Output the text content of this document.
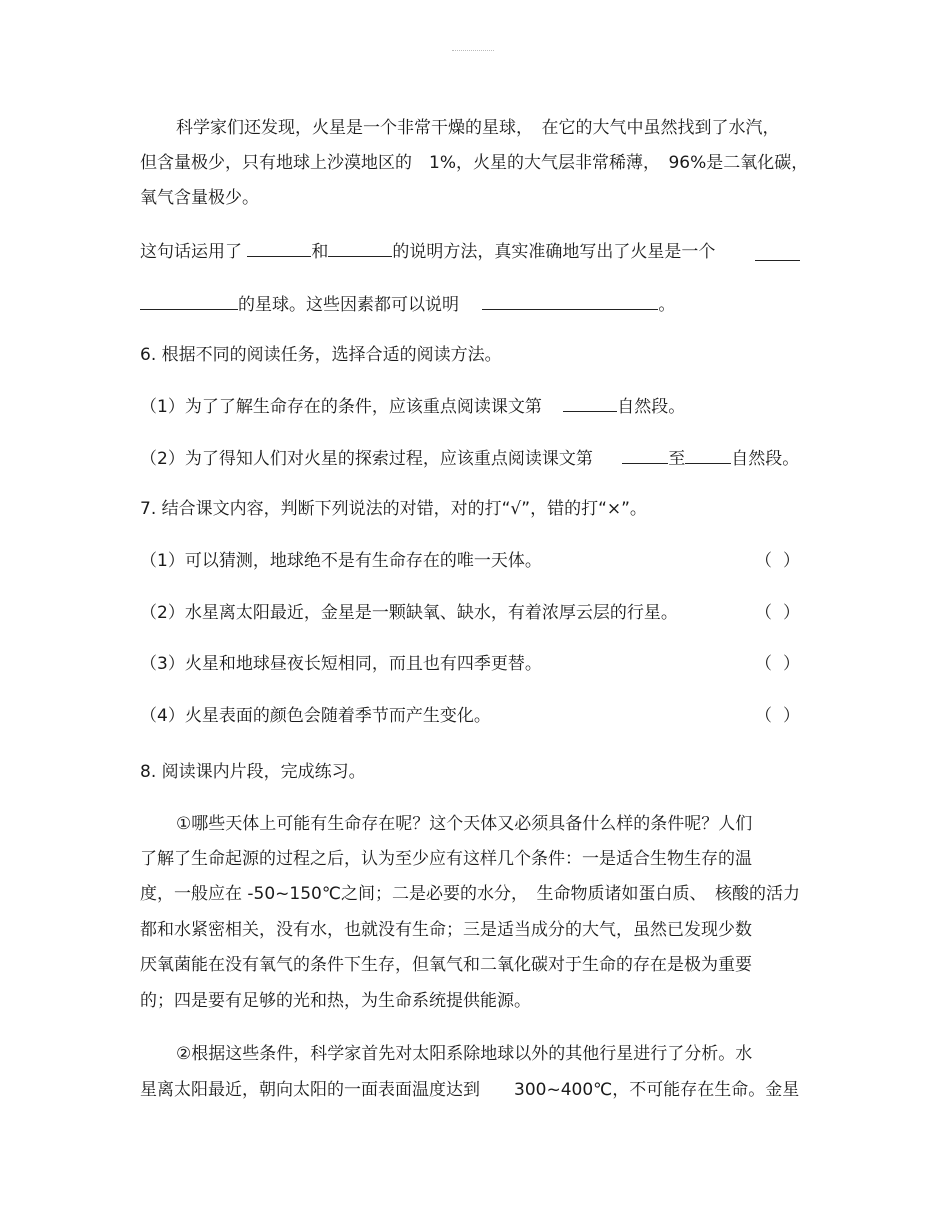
科学家们还发现，火星是一个非常干燥的星球，　在它的大气中虽然找到了水汽，
但含量极少，只有地球上沙漠地区的　1%，火星的大气层非常稀薄，　96%是二氧化碳，
氧气含量极少。
这句话运用了	和	的说明方法，真实准确地写出了火星是一个
的星球。这些因素都可以说明	。
6. 根据不同的阅读任务，选择合适的阅读方法。
（1）为了了解生命存在的条件，应该重点阅读课文第	自然段。
（2）为了得知人们对火星的探索过程，应该重点阅读课文第	至	自然段。
7. 结合课文内容，判断下列说法的对错，对的打“√”，错的打“×”。
（1）可以猜测，地球绝不是有生命存在的唯一天体。	（ ）
（2）水星离太阳最近，金星是一颗缺氧、缺水，有着浓厚云层的行星。	（ ）
（3）火星和地球昼夜长短相同，而且也有四季更替。	（ ）
（4）火星表面的颜色会随着季节而产生变化。	（ ）
8. 阅读课内片段，完成练习。
①哪些天体上可能有生命存在呢？这个天体又必须具备什么样的条件呢？人们
了解了生命起源的过程之后，认为至少应有这样几个条件：一是适合生物生存的温
度，一般应在 -50~150℃之间；二是必要的水分，　生命物质诸如蛋白质、　核酸的活力
都和水紧密相关，没有水，也就没有生命；三是适当成分的大气，虽然已发现少数
厌氧菌能在没有氧气的条件下生存，但氧气和二氧化碳对于生命的存在是极为重要
的；四是要有足够的光和热，为生命系统提供能源。
②根据这些条件，科学家首先对太阳系除地球以外的其他行星进行了分析。水
星离太阳最近，朝向太阳的一面表面温度达到　　300~400℃，不可能存在生命。金星
